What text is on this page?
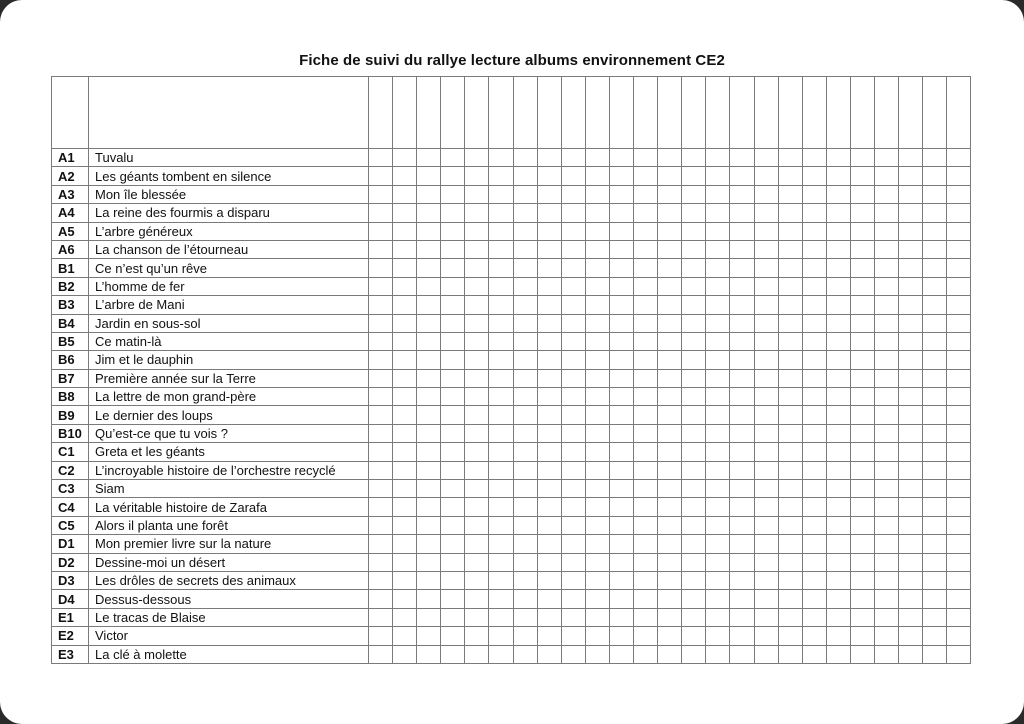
Fiche de suivi du rallye lecture albums environnement CE2

A1	Tuvalu																									
A2	Les géants tombent en silence																									
A3	Mon île blessée																									
A4	La reine des fourmis a disparu																									
A5	L’arbre généreux																									
A6	La chanson de l’étourneau																									
B1	Ce n’est qu’un rêve																									
B2	L’homme de fer																									
B3	L’arbre de Mani																									
B4	Jardin en sous-sol																									
B5	Ce matin-là																									
B6	Jim et le dauphin																									
B7	Première année sur la Terre																									
B8	La lettre de mon grand-père																									
B9	Le dernier des loups																									
B10	Qu’est-ce que tu vois ?																									
C1	Greta et les géants																									
C2	L’incroyable histoire de l’orchestre recyclé																									
C3	Siam																									
C4	La véritable histoire de Zarafa																									
C5	Alors il planta une forêt																									
D1	Mon premier livre sur la nature																									
D2	Dessine-moi un désert																									
D3	Les drôles de secrets des animaux																									
D4	Dessus-dessous																									
E1	Le tracas de Blaise																									
E2	Victor																									
E3	La clé à molette																									
